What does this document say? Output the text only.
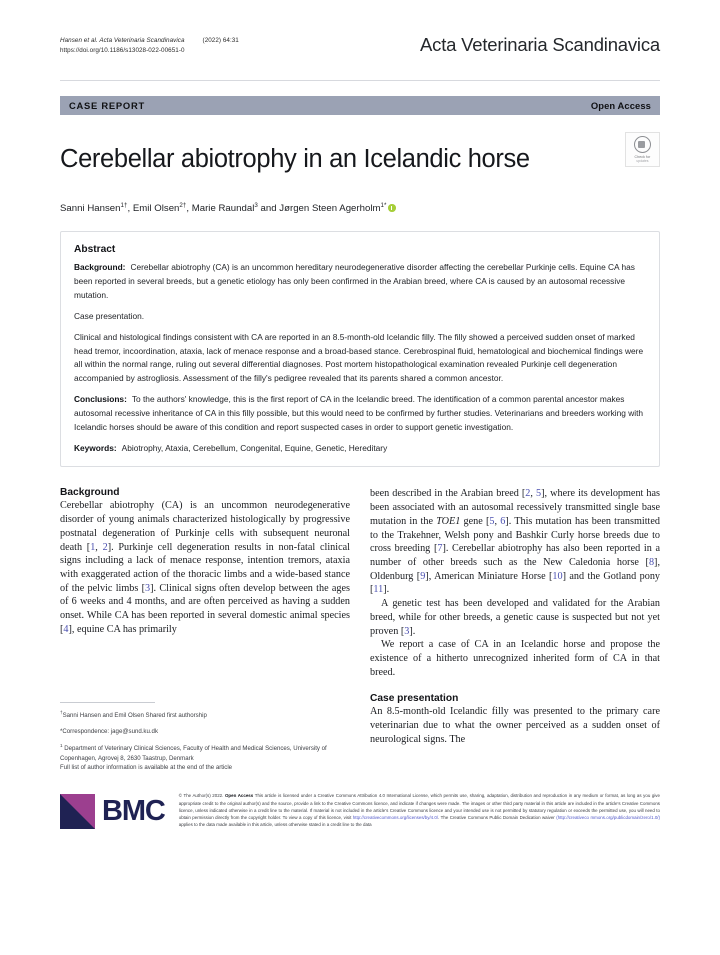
Hansen et al. Acta Veterinaria Scandinavica	(2022) 64:31
https://doi.org/10.1186/s13028-022-00651-0	Acta Veterinaria Scandinavica
CASE REPORT	Open Access
Cerebellar abiotrophy in an Icelandic horse	Check for
updates
Sanni Hansen$^{1\dagger}$, Emil Olsen$^{2\dagger}$, Marie Raundal$^3$ and Jørgen Steen Agerholm$^{1*}$
Abstract

Background: Cerebellar abiotrophy (CA) is an uncommon hereditary neurodegenerative disorder affecting the cerebellar Purkinje cells. Equine CA has been reported in several breeds, but a genetic etiology has only been confirmed in the Arabian breed, where CA is caused by an autosomal recessive mutation.

Case presentation.

Clinical and histological findings consistent with CA are reported in an 8.5-month-old Icelandic filly. The filly showed a perceived sudden onset of marked head tremor, incoordination, ataxia, lack of menace response and a broad-based stance. Cerebrospinal fluid, hematological and biochemical findings were all within the normal range, ruling out several differential diagnoses. Post mortem histopathological examination revealed Purkinje cell degeneration accompanied by astrogliosis. Assessment of the filly's pedigree revealed that its parents shared a common ancestor.

Conclusions: To the authors' knowledge, this is the first report of CA in the Icelandic breed. The identification of a common parental ancestor makes autosomal recessive inheritance of CA in this filly possible, but this would need to be confirmed by further studies. Veterinarians and breeders working with Icelandic horses should be aware of this condition and report suspected cases in order to support genetic investigation.

Keywords: Abiotrophy, Ataxia, Cerebellum, Congenital, Equine, Genetic, Hereditary

Background

Cerebellar abiotrophy (CA) is an uncommon neurodegenerative disorder of young animals characterized histologically by progressive postnatal degeneration of Purkinje cells with subsequent neuronal death [1, 2]. Purkinje cell degeneration results in non-fatal clinical signs including a lack of menace response, intention tremors, ataxia with exaggerated action of the thoracic limbs and a wide-based stance of the pelvic limbs [3]. Clinical signs often develop between the ages of 6 weeks and 4 months, and are often perceived as having a sudden onset. While CA has been reported in several domestic animal species [4], equine CA has primarily

†Sanni Hansen and Emil Olsen Shared first authorship

*Correspondence: jage@sund.ku.dk

$^1$ Department of Veterinary Clinical Sciences, Faculty of Health and Medical Sciences, University of Copenhagen, Agrovej 8, 2630 Taastrup, Denmark
Full list of author information is available at the end of the article

been described in the Arabian breed [2, 5], where its development has been associated with an autosomal recessively transmitted single base mutation in the TOE1 gene [5, 6]. This mutation has been transmitted to the Trakehner, Welsh pony and Bashkir Curly horse breeds due to cross breeding [7]. Cerebellar abiotrophy has also been reported in a number of other breeds such as the New Caledonia horse [8], Oldenburg [9], American Miniature Horse [10] and the Gotland pony [11].

A genetic test has been developed and validated for the Arabian breed, while for other breeds, a genetic cause is suspected but not yet proven [3].

We report a case of CA in an Icelandic horse and propose the existence of a hitherto unrecognized inherited form of CA in that breed.

Case presentation

An 8.5-month-old Icelandic filly was presented to the primary care veterinarian due to what the owner perceived as a sudden onset of neurological signs. The

BMC	© The Author(s) 2022. Open Access This article is licensed under a Creative Commons Attribution 4.0 International License, which permits use, sharing, adaptation, distribution and reproduction in any medium or format, as long as you give appropriate credit to the original author(s) and the source, provide a link to the Creative Commons licence, and indicate if changes were made. The images or other third party material in this article are included in the article's Creative Commons licence, unless indicated otherwise in a credit line to the material. If material is not included in the article's Creative Commons licence and your intended use is not permitted by statutory regulation or exceeds the permitted use, you will need to obtain permission directly from the copyright holder. To view a copy of this licence, visit http://creativecommons.org/licenses/by/4.0/. The Creative Commons Public Domain Dedication waiver (http://creativeco mmons.org/publicdomain/zero/1.0/) applies to the data made available in this article, unless otherwise stated in a credit line to the data
